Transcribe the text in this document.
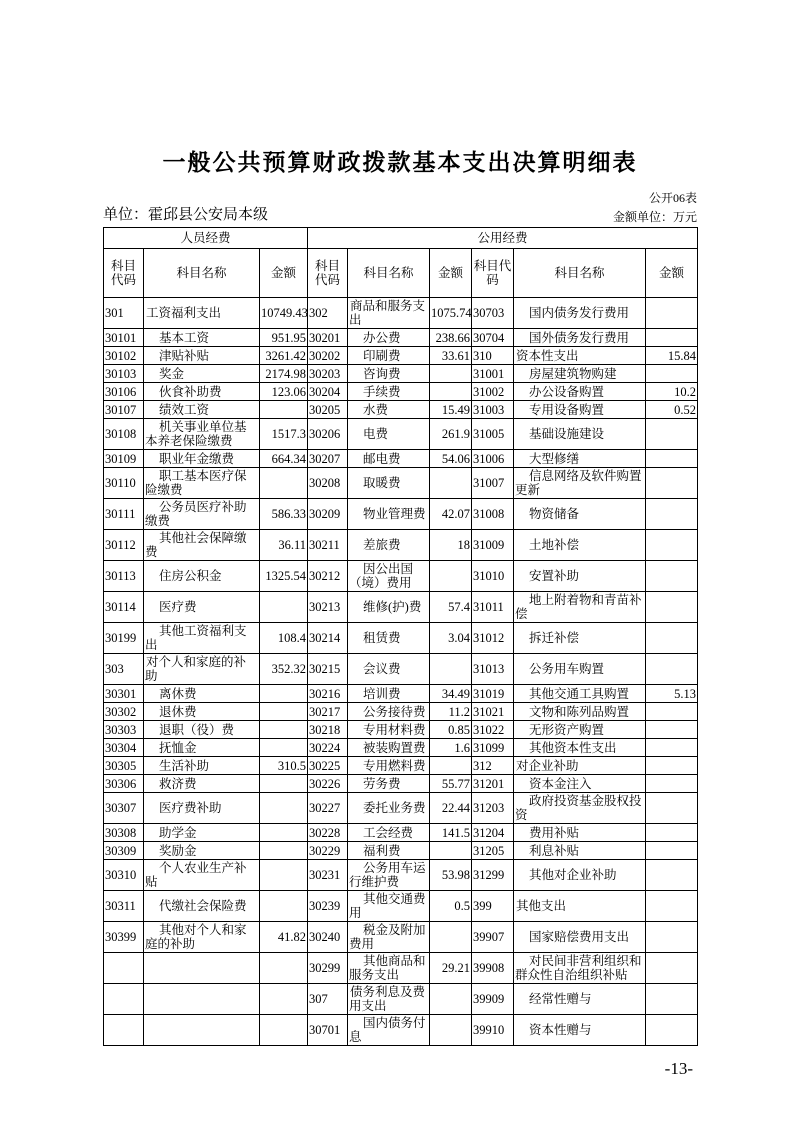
一般公共预算财政拨款基本支出决算明细表
公开06表
单位：霍邱县公安局本级	金额单位：万元
人员经费			公用经费					
科目代码	科目名称	金额	科目代码	科目名称	金额	科目代码	科目名称	金额
301	工资福利支出	10749.43	302	商品和服务支出	1075.74	30703	国内债务发行费用	
30101	基本工资	951.95	30201	办公费	238.66	30704	国外债务发行费用	
30102	津贴补贴	3261.42	30202	印刷费	33.61	310	资本性支出	15.84
30103	奖金	2174.98	30203	咨询费		31001	房屋建筑物购建	
30106	伙食补助费	123.06	30204	手续费		31002	办公设备购置	10.2
30107	绩效工资		30205	水费	15.49	31003	专用设备购置	0.52
30108	机关事业单位基本养老保险缴费	1517.3	30206	电费	261.9	31005	基础设施建设	
30109	职业年金缴费	664.34	30207	邮电费	54.06	31006	大型修缮	
30110	职工基本医疗保险缴费		30208	取暖费		31007	信息网络及软件购置更新	
30111	公务员医疗补助缴费	586.33	30209	物业管理费	42.07	31008	物资储备	
30112	其他社会保障缴费	36.11	30211	差旅费	18	31009	土地补偿	
30113	住房公积金	1325.54	30212	因公出国（境）费用		31010	安置补助	
30114	医疗费		30213	维修(护)费	57.4	31011	地上附着物和青苗补偿	
30199	其他工资福利支出	108.4	30214	租赁费	3.04	31012	拆迁补偿	
303	对个人和家庭的补助	352.32	30215	会议费		31013	公务用车购置	
30301	离休费		30216	培训费	34.49	31019	其他交通工具购置	5.13
30302	退休费		30217	公务接待费	11.2	31021	文物和陈列品购置	
30303	退职（役）费		30218	专用材料费	0.85	31022	无形资产购置	
30304	抚恤金		30224	被装购置费	1.6	31099	其他资本性支出	
30305	生活补助	310.5	30225	专用燃料费		312	对企业补助	
30306	救济费		30226	劳务费	55.77	31201	资本金注入	
30307	医疗费补助		30227	委托业务费	22.44	31203	政府投资基金股权投资	
30308	助学金		30228	工会经费	141.5	31204	费用补贴	
30309	奖励金		30229	福利费		31205	利息补贴	
30310	个人农业生产补贴		30231	公务用车运行维护费	53.98	31299	其他对企业补助	
30311	代缴社会保险费		30239	其他交通费用	0.5	399	其他支出	
30399	其他对个人和家庭的补助	41.82	30240	税金及附加费用		39907	国家赔偿费用支出	
			30299	其他商品和服务支出	29.21	39908	对民间非营利组织和群众性自治组织补贴	
			307	债务利息及费用支出		39909	经常性赠与	
			30701	国内债务付息		39910	资本性赠与	
-13-
